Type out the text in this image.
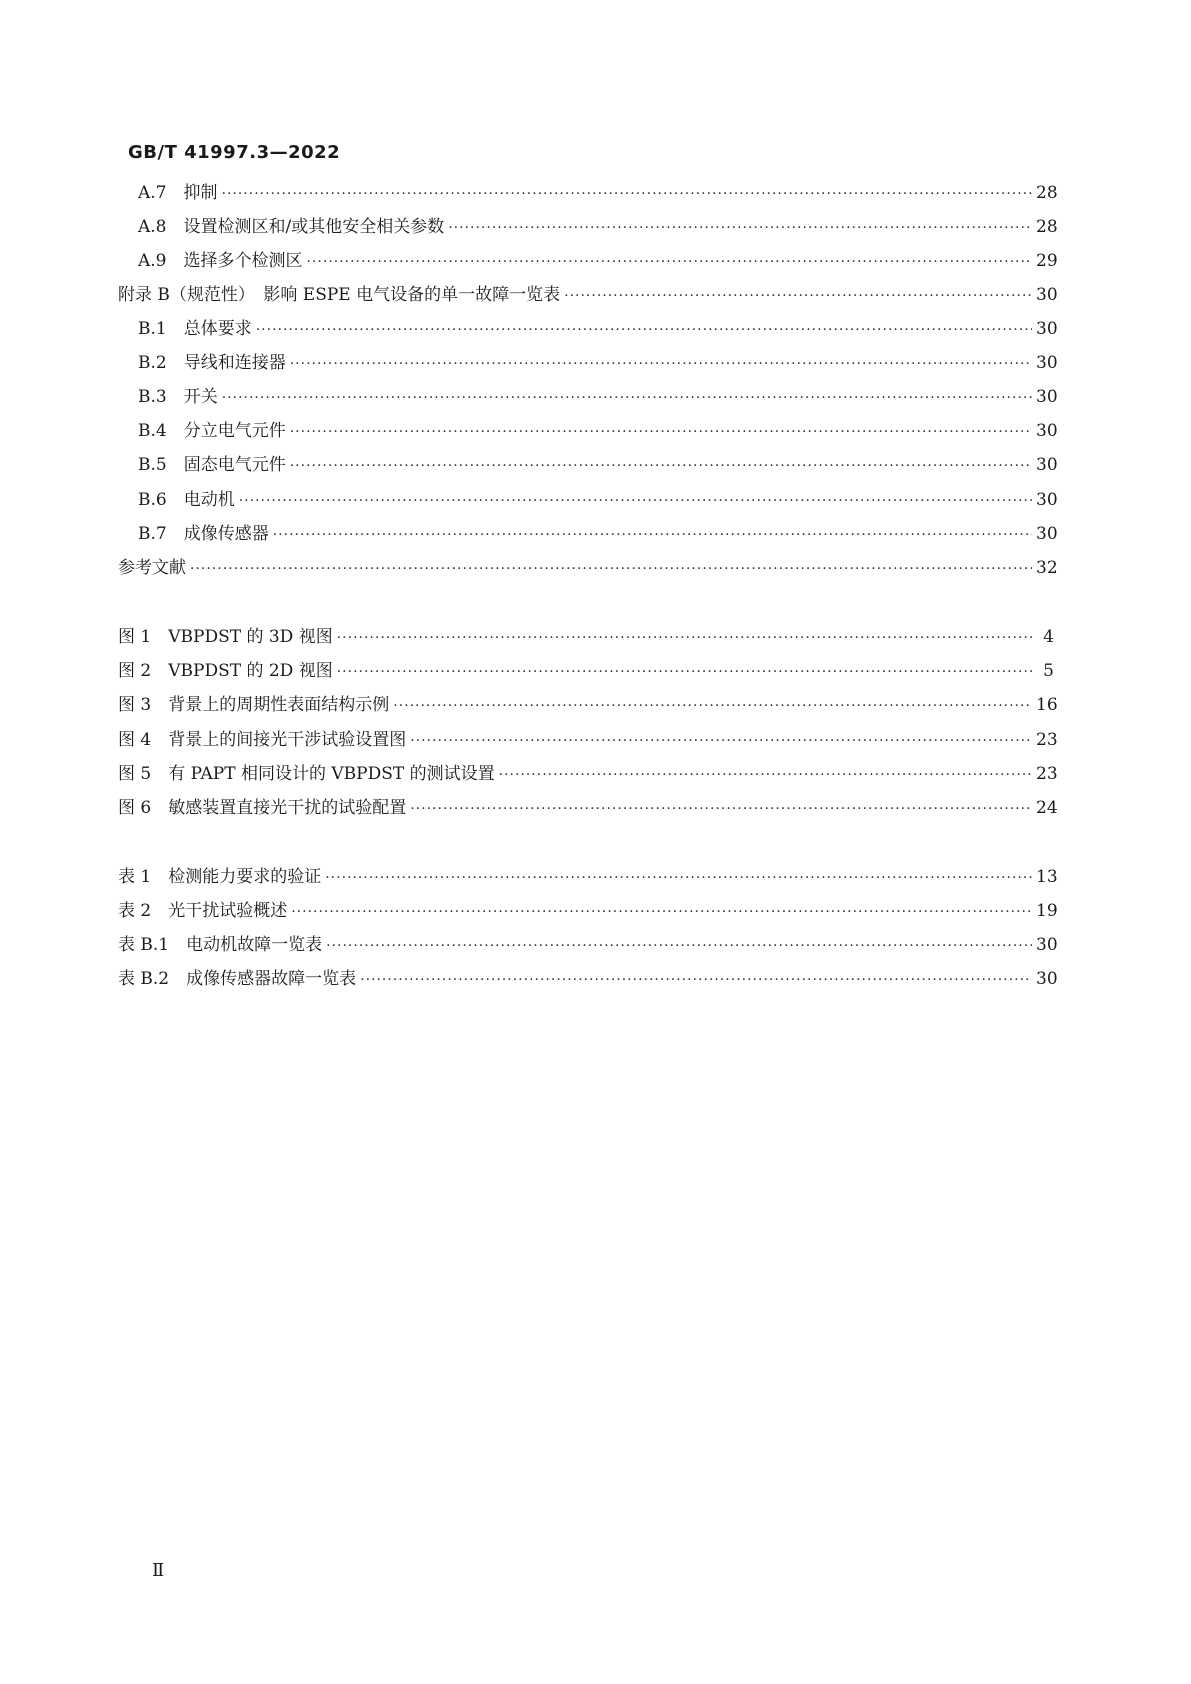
GB/T 41997.3—2022
A.7　 抑制 ·····	28
A.8　 设置检测区和/或其他安全相关参数 ·····	28
A.9　 选择多个检测区 ·····	29
附录 B（规范性）　 影响 ESPE 电气设备的单一故障一览表 ·····	30
B.1　 总体要求 ·····	30
B.2　 导线和连接器 ·····	30
B.3　 开关 ·····	30
B.4　 分立电气元件 ·····	30
B.5　 固态电气元件 ·····	30
B.6　 电动机 ·····	30
B.7　 成像传感器 ·····	30
参考文献 ·····	32
图 1　 VBPDST 的 3D 视图 ·····	4
图 2　 VBPDST 的 2D 视图 ·····	5
图 3　 背景上的周期性表面结构示例 ·····	16
图 4　 背景上的间接光干涉试验设置图 ·····	23
图 5　 有 PAPT 相同设计的 VBPDST 的测试设置 ·····	23
图 6　 敏感装置直接光干扰的试验配置 ·····	24
表 1　 检测能力要求的验证 ·····	13
表 2　 光干扰试验概述 ·····	19
表 B.1　 电动机故障一览表 ·····	30
表 B.2　 成像传感器故障一览表 ·····	30
Ⅱ
